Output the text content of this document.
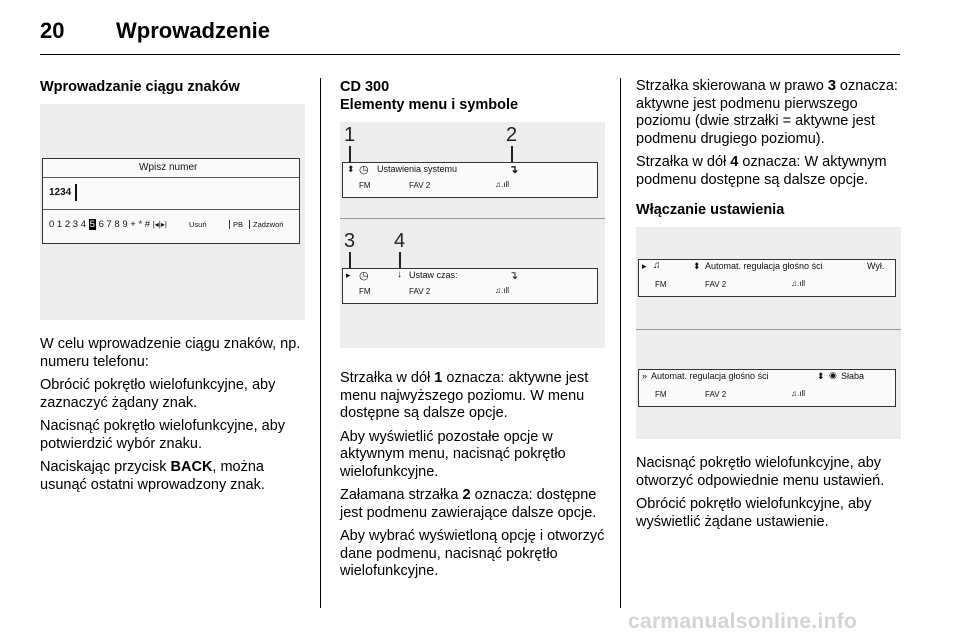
20 Wprowadzenie
Wprowadzanie ciągu znaków
Wpisz numer
1234
0 1 2 3 4 5 6 7 8 9 + * # |◂|▸|	Usuń	PB	Zadzwoń

W celu wprowadzenie ciągu znaków, np. numeru telefonu:

Obrócić pokrętło wielofunkcyjne, aby zaznaczyć żądany znak.

Nacisnąć pokrętło wielofunkcyjne, aby potwierdzić wybór znaku.

Naciskając przycisk BACK, można usunąć ostatni wprowadzony znak.

CD 300
Elementy menu i symbole
1	2
⬍ ◷ Ustawienia systemu	↴
FM	FAV 2	♫.ıll
3 4
▸ ◷	↓ Ustaw czas:	↴
FM	FAV 2	♫.ıll

Strzałka w dół 1 oznacza: aktywne jest menu najwyższego poziomu. W menu dostępne są dalsze opcje.

Aby wyświetlić pozostałe opcje w aktywnym menu, nacisnąć pokrętło wielofunkcyjne.

Załamana strzałka 2 oznacza: dostępne jest podmenu zawierające dalsze opcje.

Aby wybrać wyświetloną opcję i otworzyć dane podmenu, nacisnąć pokrętło wielofunkcyjne.

Strzałka skierowana w prawo 3 oznacza: aktywne jest podmenu pierwszego poziomu (dwie strzałki = aktywne jest podmenu drugiego poziomu).

Strzałka w dół 4 oznacza: W aktywnym podmenu dostępne są dalsze opcje.

Włączanie ustawienia
▸ ♫	⬍ Automat. regulacja głośno ści	Wył.
FM	FAV 2	♫.ıll
» Automat. regulacja głośno ści	⬍ ◉ Słaba
FM	FAV 2	♫.ıll

Nacisnąć pokrętło wielofunkcyjne, aby otworzyć odpowiednie menu ustawień.

Obrócić pokrętło wielofunkcyjne, aby wyświetlić żądane ustawienie.

carmanualsonline.info
